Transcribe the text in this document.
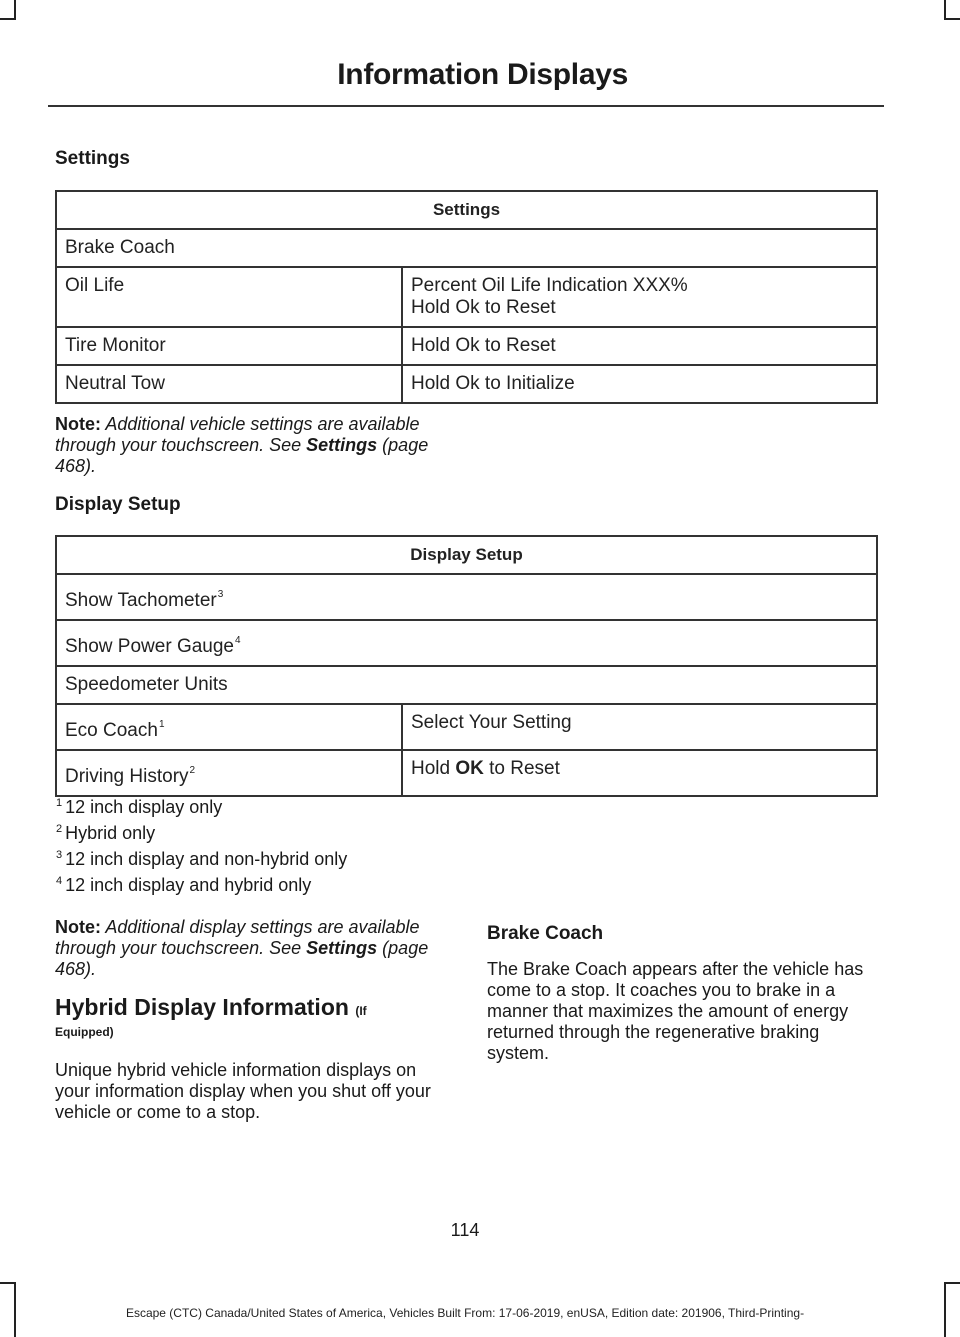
Information Displays
Settings
Settings	
Brake Coach	
Oil Life	Percent Oil Life Indication XXX%
Hold Ok to Reset

Tire Monitor	Hold Ok to Reset
Neutral Tow	Hold Ok to Initialize
Note: Additional vehicle settings are available through your touchscreen. See Settings (page 468).
Display Setup
Display Setup	
Show Tachometer$^3$
Show Power Gauge$^4$
Speedometer Units	
Eco Coach$^1$	Select Your Setting
Driving History$^2$	Hold OK to Reset
$^1$ 12 inch display only
$^2$ Hybrid only
$^3$ 12 inch display and non-hybrid only
$^4$ 12 inch display and hybrid only
Note: Additional display settings are available through your touchscreen. See Settings (page 468).
Hybrid Display Information (If
Equipped)
Unique hybrid vehicle information displays on your information display when you shut off your vehicle or come to a stop.
Brake Coach
The Brake Coach appears after the vehicle has come to a stop. It coaches you to brake in a manner that maximizes the amount of energy returned through the regenerative braking system.
114
Escape (CTC) Canada/United States of America, Vehicles Built From: 17-06-2019, enUSA, Edition date: 201906, Third-Printing-
